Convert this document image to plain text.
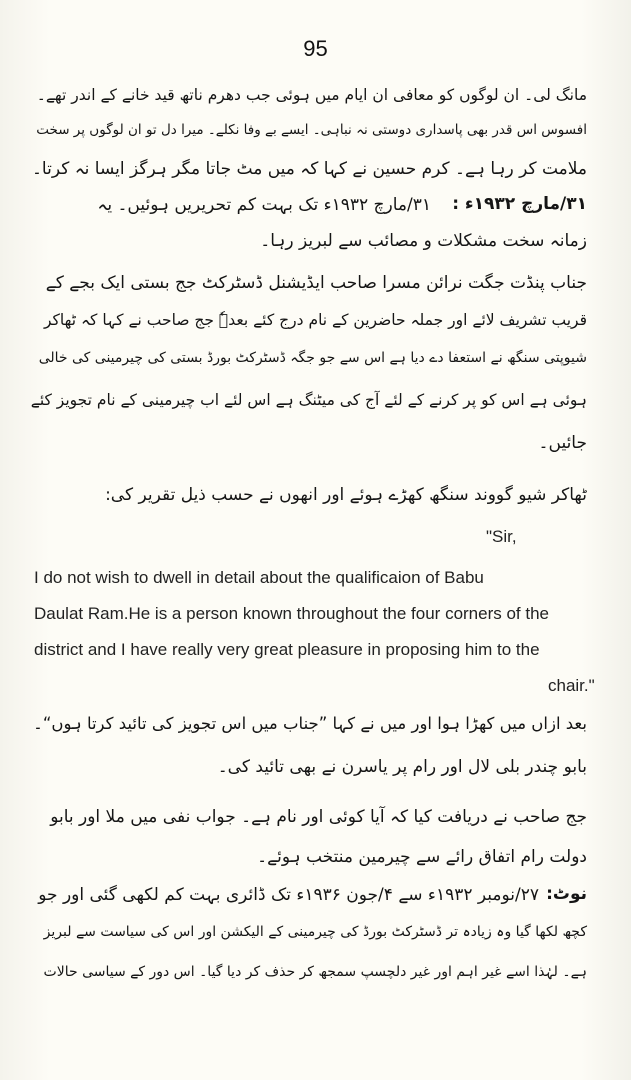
95
مانگ لی۔ ان لوگوں کو معافی ان ایام میں ہوئی جب دھرم ناتھ قید خانے کے اندر تھے۔
افسوس اس قدر بھی پاسداری دوستی نہ نباہی۔ ایسے بے وفا نکلے۔ میرا دل تو ان لوگوں پر سخت
ملامت کر رہا ہے۔ کرم حسین نے کہا کہ میں مٹ جاتا مگر ہرگز ایسا نہ کرتا۔
۳۱/مارچ ۱۹۳۲ء :
۳۱/مارچ ۱۹۳۲ء تک بہت کم تحریریں ہوئیں۔ یہ
زمانہ سخت مشکلات و مصائب سے لبریز رہا۔
جناب پنڈت جگت نرائن مسرا صاحب ایڈیشنل ڈسٹرکٹ جج بستی ایک بجے کے
قریب تشریف لائے اور جملہ حاضرین کے نام درج کئے بعدہٗ جج صاحب نے کہا کہ ٹھاکر
شیوپتی سنگھ نے استعفا دے دیا ہے اس سے جو جگہ ڈسٹرکٹ بورڈ بستی کی چیرمینی کی خالی
ہوئی ہے اس کو پر کرنے کے لئے آج کی میٹنگ ہے اس لئے اب چیرمینی کے نام تجویز کئے
جائیں۔
ٹھاکر شیو گووند سنگھ کھڑے ہوئے اور انھوں نے حسب ذیل تقریر کی:
"Sir,
I do not wish to dwell in detail about the qualificaion of Babu
Daulat Ram.He is a person known throughout the four corners of the
district and I have really very great pleasure in proposing him to the
chair."
بعد ازاں میں کھڑا ہوا اور میں نے کہا ”جناب میں اس تجویز کی تائید کرتا ہوں“۔
بابو چندر بلی لال اور رام پر یاسرن نے بھی تائید کی۔
جج صاحب نے دریافت کیا کہ آیا کوئی اور نام ہے۔ جواب نفی میں ملا اور بابو
دولت رام اتفاق رائے سے چیرمین منتخب ہوئے۔
نوٹ:
۲۷/نومبر ۱۹۳۲ء سے ۴/جون ۱۹۳۶ء تک ڈائری بہت کم لکھی گئی اور جو
کچھ لکھا گیا وہ زیادہ تر ڈسٹرکٹ بورڈ کی چیرمینی کے الیکشن اور اس کی سیاست سے لبریز
ہے۔ لہٰذا اسے غیر اہم اور غیر دلچسپ سمجھ کر حذف کر دیا گیا۔ اس دور کے سیاسی حالات
